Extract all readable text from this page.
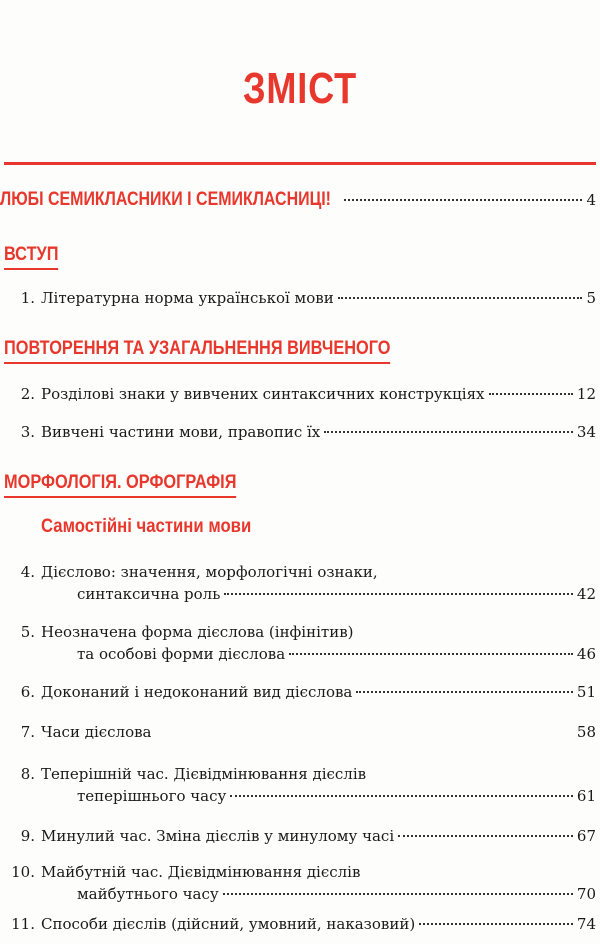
ЗМІСТ
ЛЮБІ СЕМИКЛАСНИКИ І СЕМИКЛАСНИЦІ!	4
ВСТУП
1. Літературна норма української мови	5
ПОВТОРЕННЯ ТА УЗАГАЛЬНЕННЯ ВИВЧЕНОГО
2. Розділові знаки у вивчених синтаксичних конструкціях	12
3. Вивчені частини мови, правопис їх	34
МОРФОЛОГІЯ. ОРФОГРАФІЯ
Самостійні частини мови
4. Дієслово: значення, морфологічні ознаки,
синтаксична роль	42
5. Неозначена форма дієслова (інфінітив)
та особові форми дієслова	46
6. Доконаний і недоконаний вид дієслова	51
7. Часи дієслова	58
8. Теперішній час. Дієвідмінювання дієслів
теперішнього часу	61
9. Минулий час. Зміна дієслів у минулому часі	67
10. Майбутній час. Дієвідмінювання дієслів
майбутнього часу	70
11. Способи дієслів (дійсний, умовний, наказовий)	74
